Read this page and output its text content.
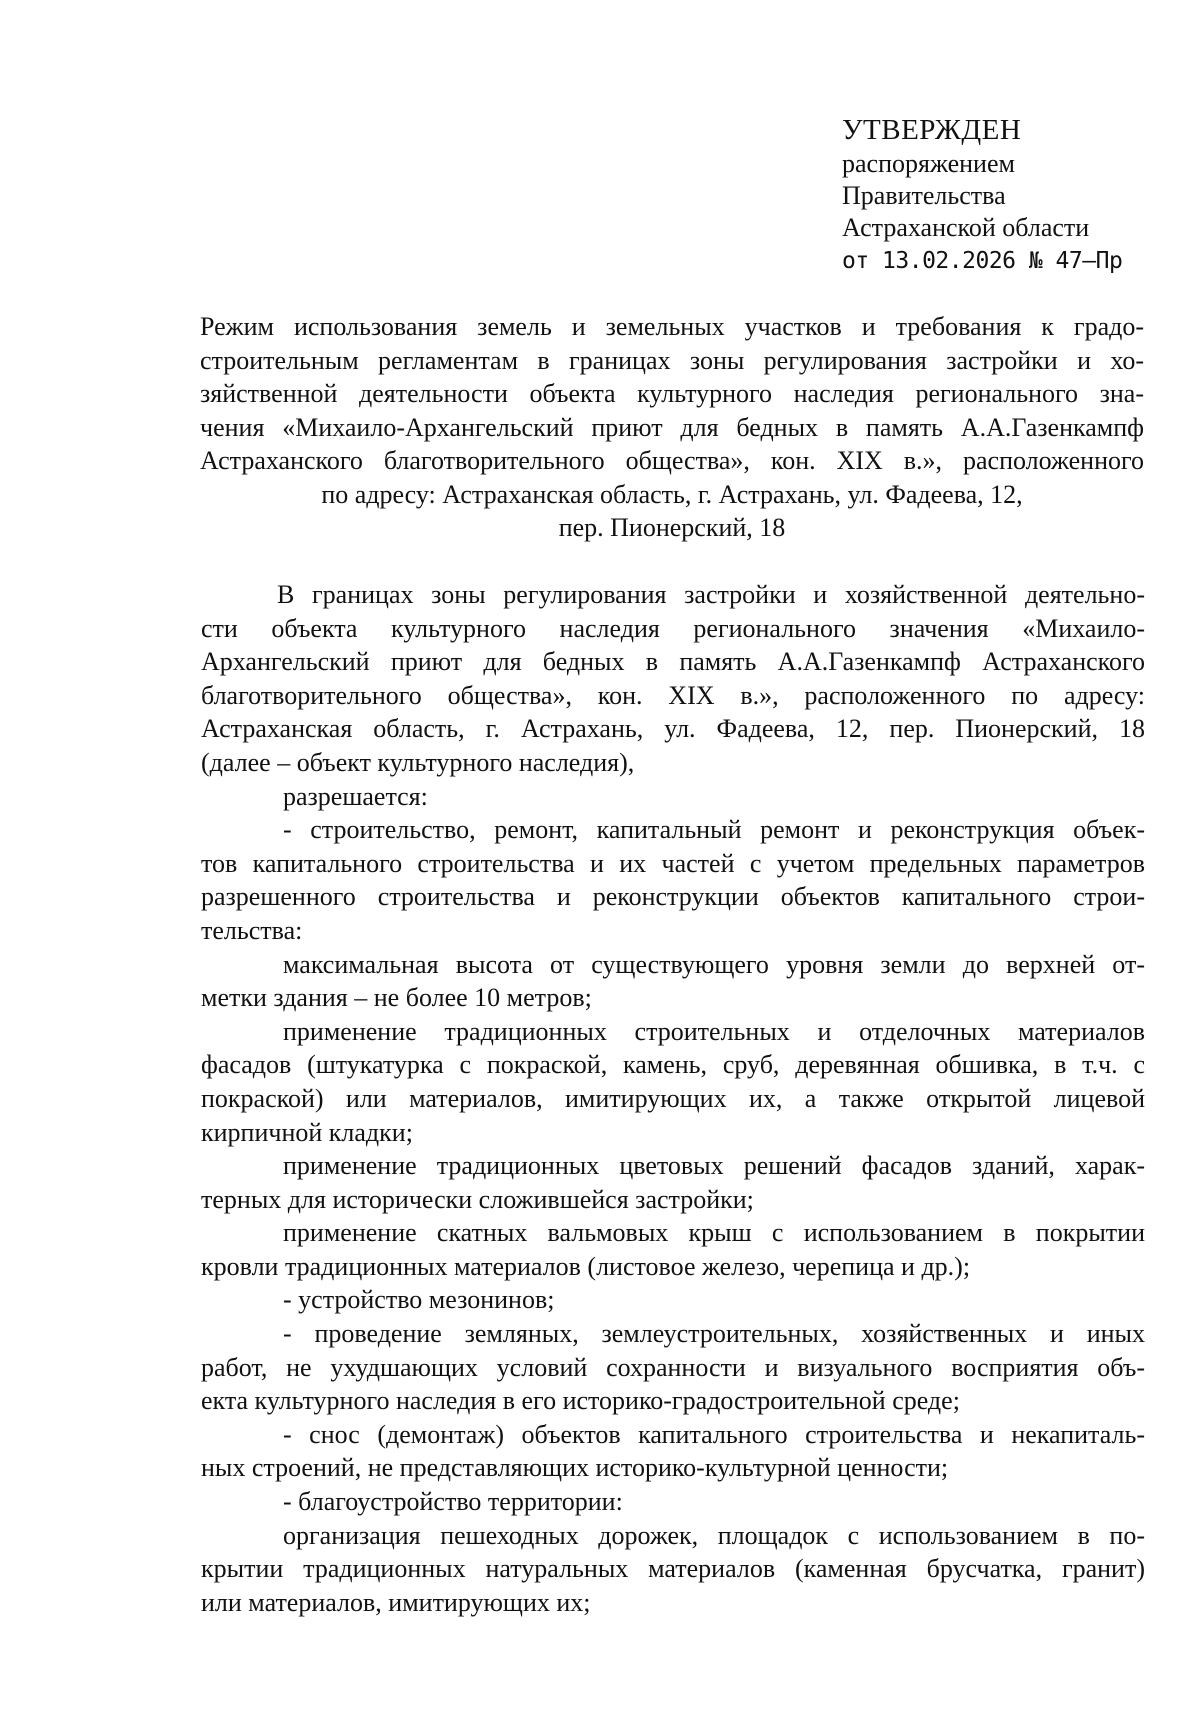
УТВЕРЖДЕН
распоряжением
Правительства
Астраханской области
от 13.02.2026 № 47–Пр
Режим использования земель и земельных участков и требования к градо-
строительным регламентам в границах зоны регулирования застройки и хо-
зяйственной деятельности объекта культурного наследия регионального зна-
чения «Михаило-Архангельский приют для бедных в память А.А.Газенкампф
Астраханского благотворительного общества», кон. XIX в.», расположенного
по адресу: Астраханская область, г. Астрахань, ул. Фадеева, 12,
пер. Пионерский, 18
В границах зоны регулирования застройки и хозяйственной деятельно-
сти объекта культурного наследия регионального значения «Михаило-
Архангельский приют для бедных в память А.А.Газенкампф Астраханского
благотворительного общества», кон. XIX в.», расположенного по адресу:
Астраханская область, г. Астрахань, ул. Фадеева, 12, пер. Пионерский, 18
(далее – объект культурного наследия),
разрешается:
- строительство, ремонт, капитальный ремонт и реконструкция объек-
тов капитального строительства и их частей с учетом предельных параметров
разрешенного строительства и реконструкции объектов капитального строи-
тельства:
максимальная высота от существующего уровня земли до верхней от-
метки здания – не более 10 метров;
применение традиционных строительных и отделочных материалов
фасадов (штукатурка с покраской, камень, сруб, деревянная обшивка, в т.ч. с
покраской) или материалов, имитирующих их, а также открытой лицевой
кирпичной кладки;
применение традиционных цветовых решений фасадов зданий, харак-
терных для исторически сложившейся застройки;
применение скатных вальмовых крыш с использованием в покрытии
кровли традиционных материалов (листовое железо, черепица и др.);
- устройство мезонинов;
- проведение земляных, землеустроительных, хозяйственных и иных
работ, не ухудшающих условий сохранности и визуального восприятия объ-
екта культурного наследия в его историко-градостроительной среде;
- снос (демонтаж) объектов капитального строительства и некапиталь-
ных строений, не представляющих историко-культурной ценности;
- благоустройство территории:
организация пешеходных дорожек, площадок с использованием в по-
крытии традиционных натуральных материалов (каменная брусчатка, гранит)
или материалов, имитирующих их;
